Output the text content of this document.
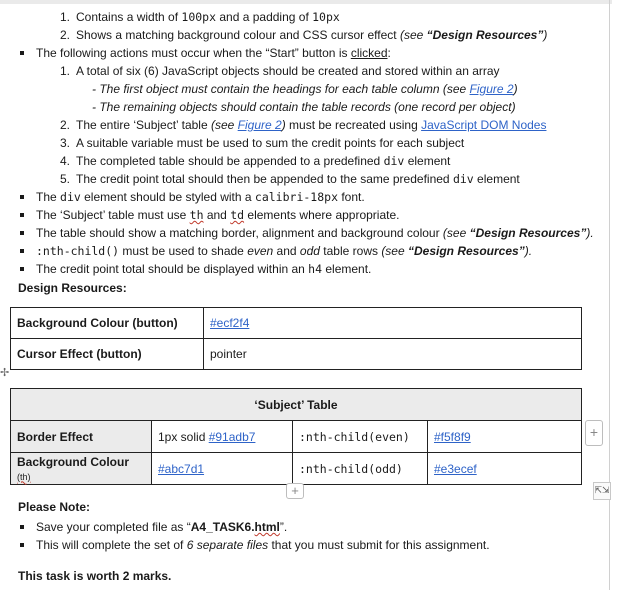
1. Contains a width of 100px and a padding of 10px
2. Shows a matching background colour and CSS cursor effect (see “Design Resources”)
The following actions must occur when the “Start” button is clicked:
1. A total of six (6) JavaScript objects should be created and stored within an array
- The first object must contain the headings for each table column (see Figure 2)
- The remaining objects should contain the table records (one record per object)
2. The entire ‘Subject’ table (see Figure 2) must be recreated using JavaScript DOM Nodes
3. A suitable variable must be used to sum the credit points for each subject
4. The completed table should be appended to a predefined div element
5. The credit point total should then be appended to the same predefined div element
The div element should be styled with a calibri-18px font.
The ‘Subject’ table must use th and td elements where appropriate.
The table should show a matching border, alignment and background colour (see “Design Resources”).
:nth-child() must be used to shade even and odd table rows (see “Design Resources”).
The credit point total should be displayed within an h4 element.
Design Resources:
Background Colour (button)	#ecf2f4
Cursor Effect (button)	pointer
✢
‘Subject’ Table			
Border Effect	1px solid #91adb7	:nth-child(even)	#f5f8f9
Background Colour (th)	#abc7d1	:nth-child(odd)	#e3ecef
+
+	⇱⇲
Please Note:
Save your completed file as “A4_TASK6.html”.
This will complete the set of 6 separate files that you must submit for this assignment.
This task is worth 2 marks.
